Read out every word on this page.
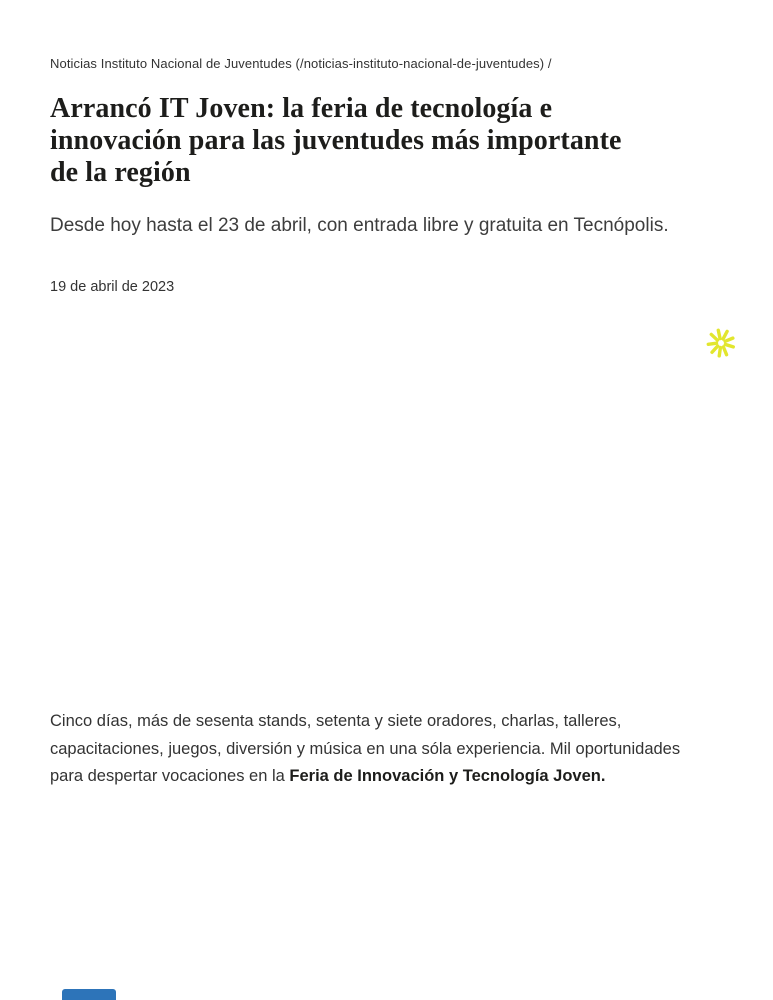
Noticias Instituto Nacional de Juventudes (/noticias-instituto-nacional-de-juventudes) /
Arrancó IT Joven: la feria de tecnología e innovación para las juventudes más importante de la región

Desde hoy hasta el 23 de abril, con entrada libre y gratuita en Tecnópolis.

19 de abril de 2023

Cinco días, más de sesenta stands, setenta y siete oradores, charlas, talleres, capacitaciones, juegos, diversión y música en una sóla experiencia. Mil oportunidades para despertar vocaciones en la Feria de Innovación y Tecnología Joven.
